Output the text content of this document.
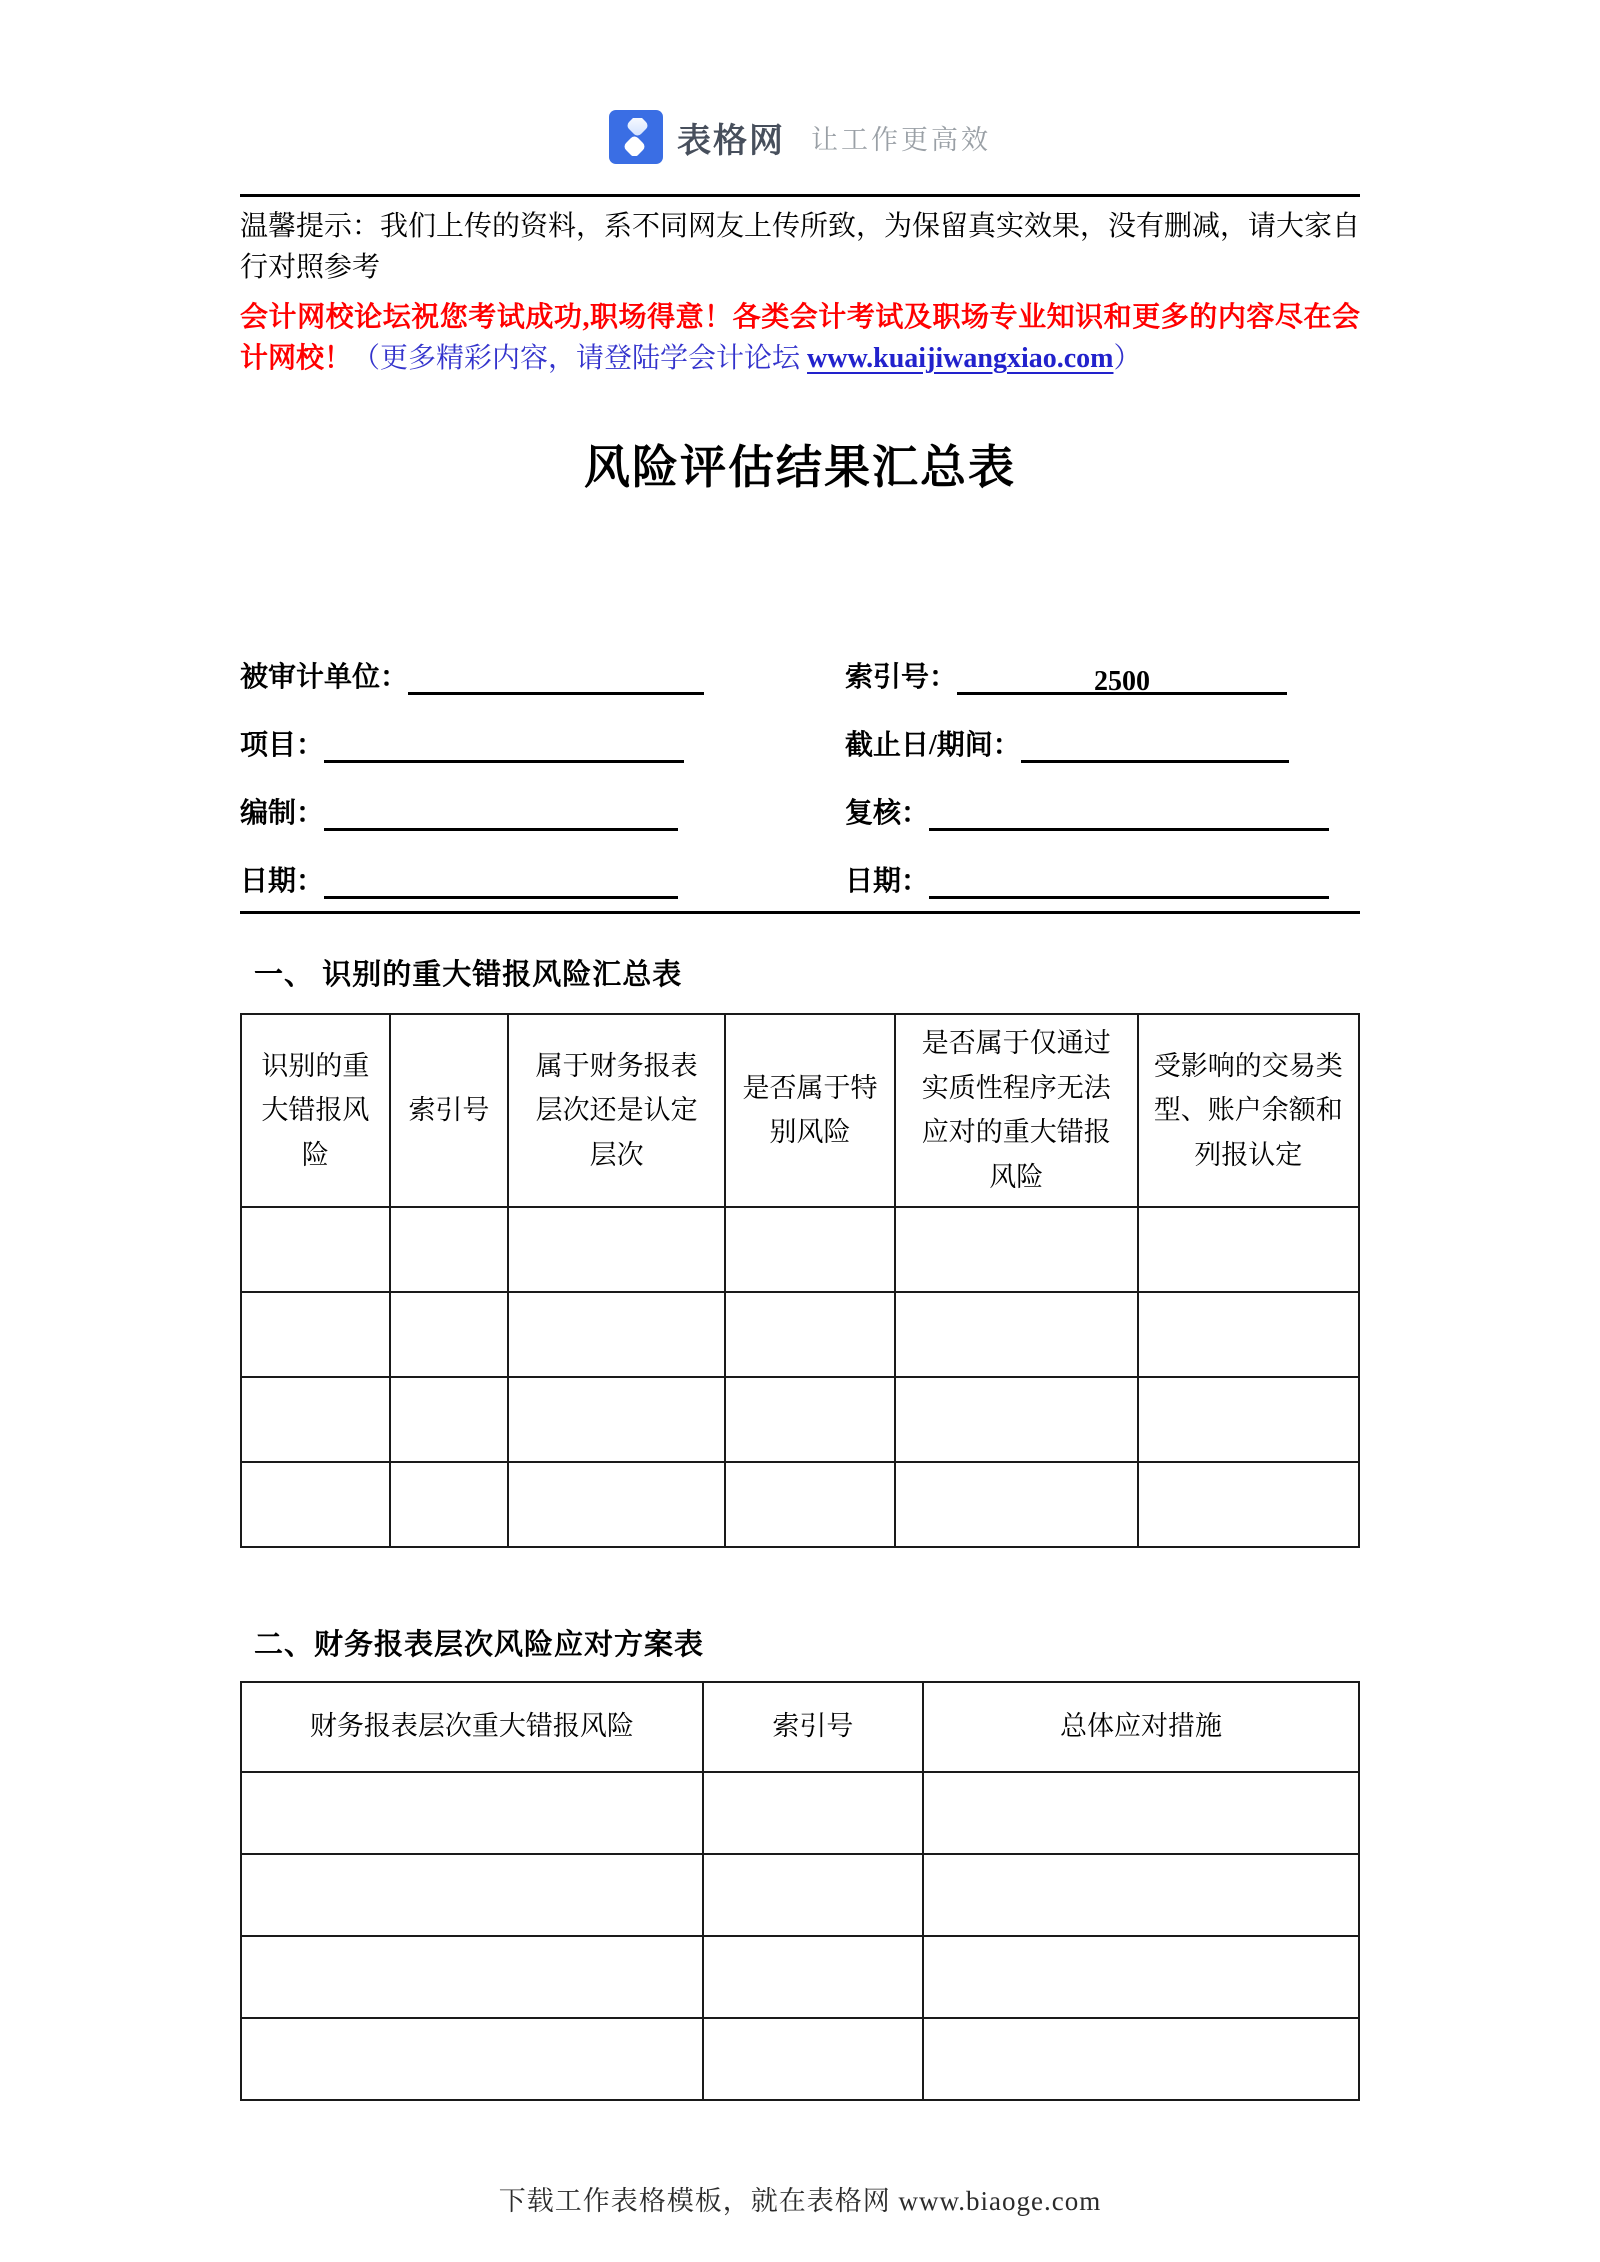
表格网 让工作更高效

温馨提示：我们上传的资料，系不同网友上传所致，为保留真实效果，没有删减，请大家自行对照参考

会计网校论坛祝您考试成功,职场得意！各类会计考试及职场专业知识和更多的内容尽在会计网校！（更多精彩内容，请登陆学会计论坛 www.kuaijiwangxiao.com）

风险评估结果汇总表
被审计单位：	索引号：	2500
项目：	截止日/期间：
编制：	复核：
日期：	日期：
一、 识别的重大错报风险汇总表
识别的重大错报风险	索引号	属于财务报表层次还是认定层次	是否属于特别风险	是否属于仅通过实质性程序无法应对的重大错报风险	受影响的交易类型、账户余额和列报认定

二、财务报表层次风险应对方案表
财务报表层次重大错报风险	索引号	总体应对措施

下载工作表格模板，就在表格网 www.biaoge.com
